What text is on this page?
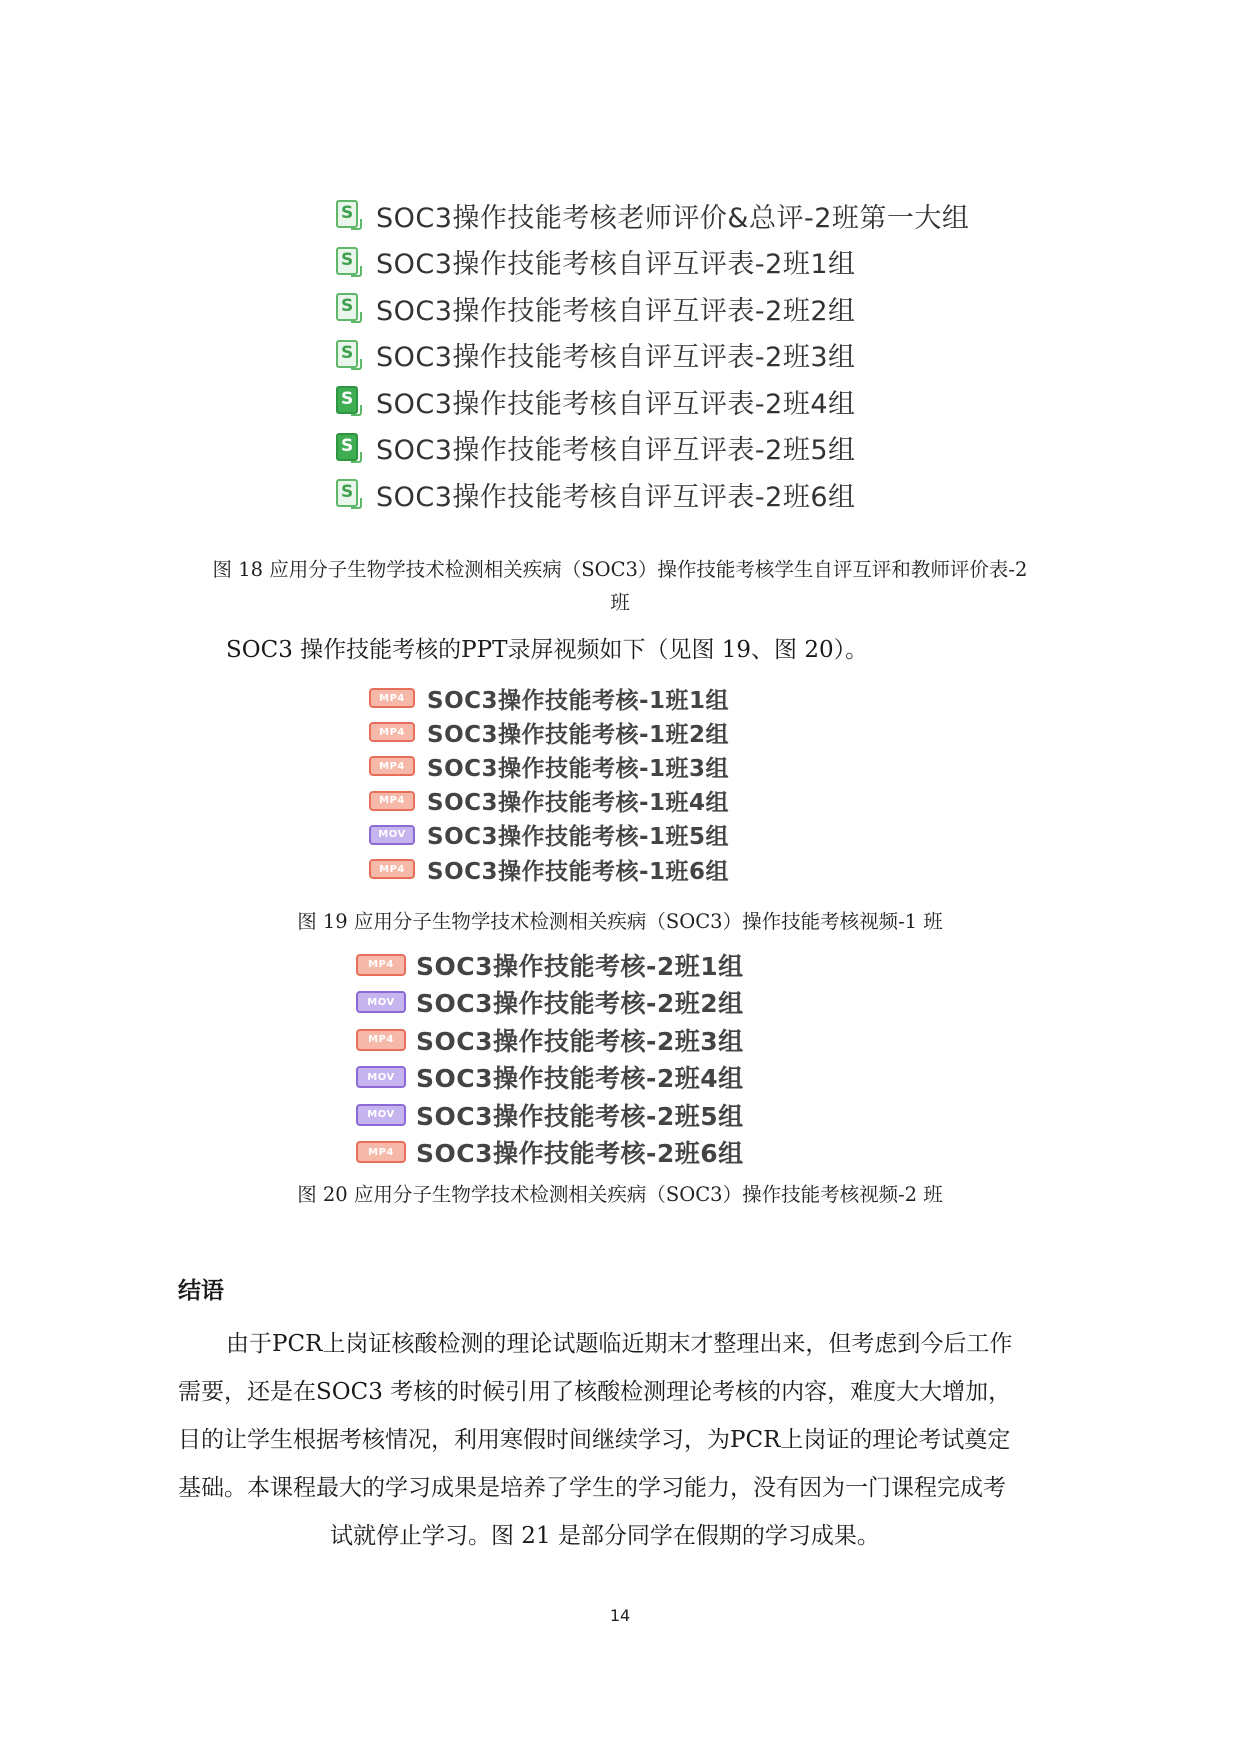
S SOC3操作技能考核老师评价&总评-2班第一大组
S SOC3操作技能考核自评互评表-2班1组
S SOC3操作技能考核自评互评表-2班2组
S SOC3操作技能考核自评互评表-2班3组
S SOC3操作技能考核自评互评表-2班4组
S SOC3操作技能考核自评互评表-2班5组
S SOC3操作技能考核自评互评表-2班6组
图 18 应用分子生物学技术检测相关疾病（SOC3）操作技能考核学生自评互评和教师评价表-2
班
SOC3 操作技能考核的PPT录屏视频如下（见图 19、图 20）。
MP4 SOC3操作技能考核-1班1组
MP4 SOC3操作技能考核-1班2组
MP4 SOC3操作技能考核-1班3组
MP4 SOC3操作技能考核-1班4组
MOV SOC3操作技能考核-1班5组
MP4 SOC3操作技能考核-1班6组
图 19 应用分子生物学技术检测相关疾病（SOC3）操作技能考核视频-1 班
MP4 SOC3操作技能考核-2班1组
MOV SOC3操作技能考核-2班2组
MP4 SOC3操作技能考核-2班3组
MOV SOC3操作技能考核-2班4组
MOV SOC3操作技能考核-2班5组
MP4 SOC3操作技能考核-2班6组
图 20 应用分子生物学技术检测相关疾病（SOC3）操作技能考核视频-2 班
结语
由于PCR上岗证核酸检测的理论试题临近期末才整理出来，但考虑到今后工作
需要，还是在SOC3 考核的时候引用了核酸检测理论考核的内容，难度大大增加，
目的让学生根据考核情况，利用寒假时间继续学习，为PCR上岗证的理论考试奠定
基础。本课程最大的学习成果是培养了学生的学习能力，没有因为一门课程完成考
试就停止学习。图 21 是部分同学在假期的学习成果。
14
